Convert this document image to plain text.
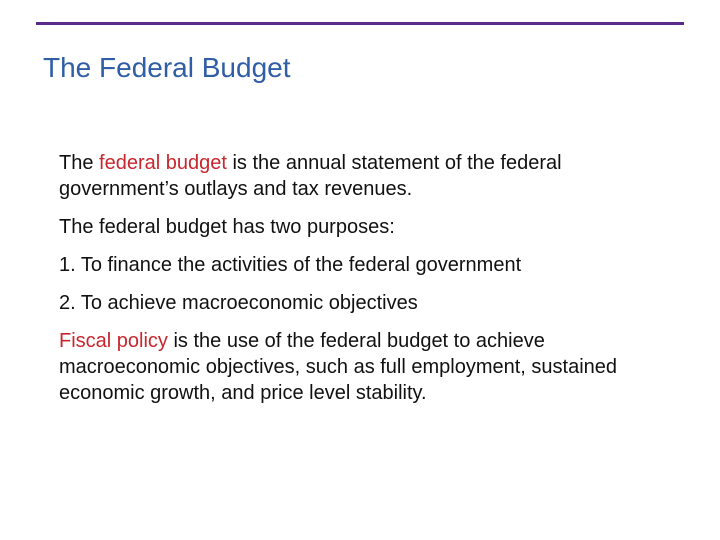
The Federal Budget

The federal budget is the annual statement of the federal government’s outlays and tax revenues.

The federal budget has two purposes:

1. To finance the activities of the federal government

2. To achieve macroeconomic objectives

Fiscal policy is the use of the federal budget to achieve macroeconomic objectives, such as full employment, sustained economic growth, and price level stability.
